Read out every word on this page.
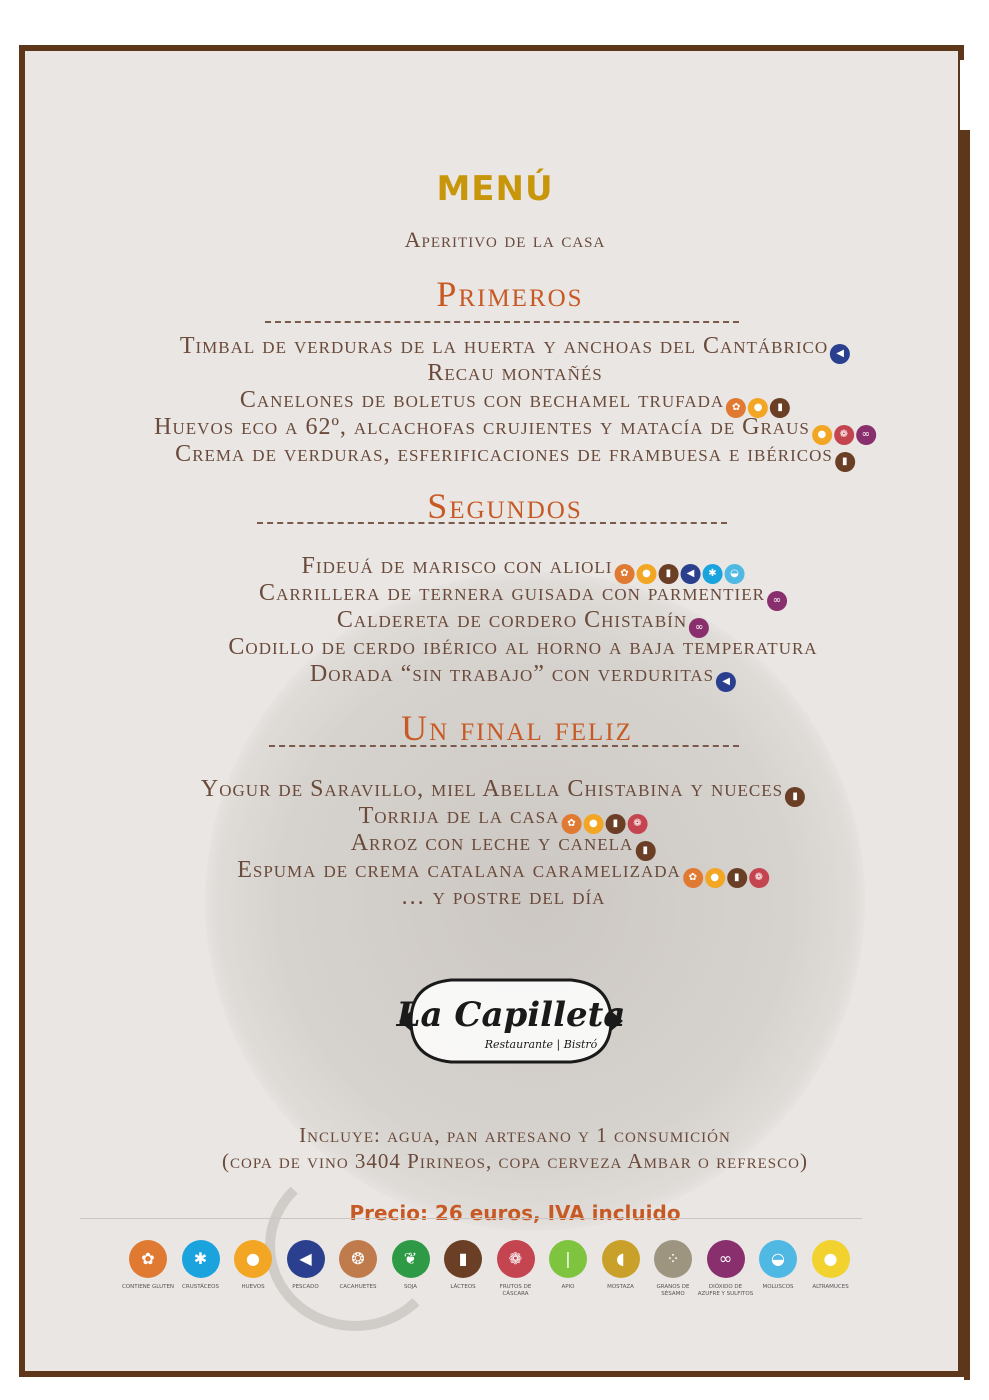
MENÚ
Aperitivo de la casa
Primeros
Timbal de verduras de la huerta y anchoas del Cantábrico ◀
Recau montañés
Canelones de boletus con bechamel trufada ✿ ● ▮
Huevos eco a 62º, alcachofas crujientes y matacía de Graus ● ❁ ∞
Crema de verduras, esferificaciones de frambuesa e ibéricos ▮
Segundos
Fideuá de marisco con alioli ✿ ● ▮ ◀ ✱ ◒
Carrillera de ternera guisada con parmentier ∞
Caldereta de cordero Chistabín ∞
Codillo de cerdo ibérico al horno a baja temperatura
Dorada “sin trabajo” con verduritas ◀
Un final feliz
Yogur de Saravillo, miel Abella Chistabina y nueces ▮
Torrija de la casa ✿ ● ▮ ❁
Arroz con leche y canela ▮
Espuma de crema catalana caramelizada ✿ ● ▮ ❁
… y postre del día
La Capilleta
Restaurante | Bistró
Incluye: agua, pan artesano y 1 consumición
(copa de vino 3404 Pirineos, copa cerveza Ambar o refresco)
Precio: 26 euros, IVA incluido
✿
CONTIENE GLUTEN
✱
CRUSTÁCEOS
●
HUEVOS
◀
PESCADO
❂
CACAHUETES
❦
SOJA
▮
LÁCTEOS
❁
FRUTOS DE CÁSCARA
❘
APIO
◖
MOSTAZA
⁘
GRANOS DE SÉSAMO
∞
DIÓXIDO DE AZUFRE Y SULFITOS
◒
MOLUSCOS
●
ALTRAMUCES
